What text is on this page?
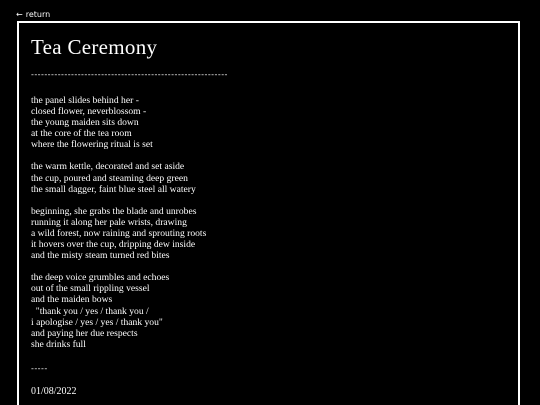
← return
Tea Ceremony
-----------------------------------------------------------

the panel slides behind her -
closed flower, neverblossom -
the young maiden sits down
at the core of the tea room
where the flowering ritual is set

the warm kettle, decorated and set aside
the cup, poured and steaming deep green
the small dagger, faint blue steel all watery

beginning, she grabs the blade and unrobes
running it along her pale wrists, drawing
a wild forest, now raining and sprouting roots
it hovers over the cup, dripping dew inside
and the misty steam turned red bites

the deep voice grumbles and echoes
out of the small rippling vessel
and the maiden bows
"thank you / yes / thank you /
i apologise / yes / yes / thank you"
and paying her due respects
she drinks full

-----
01/08/2022
